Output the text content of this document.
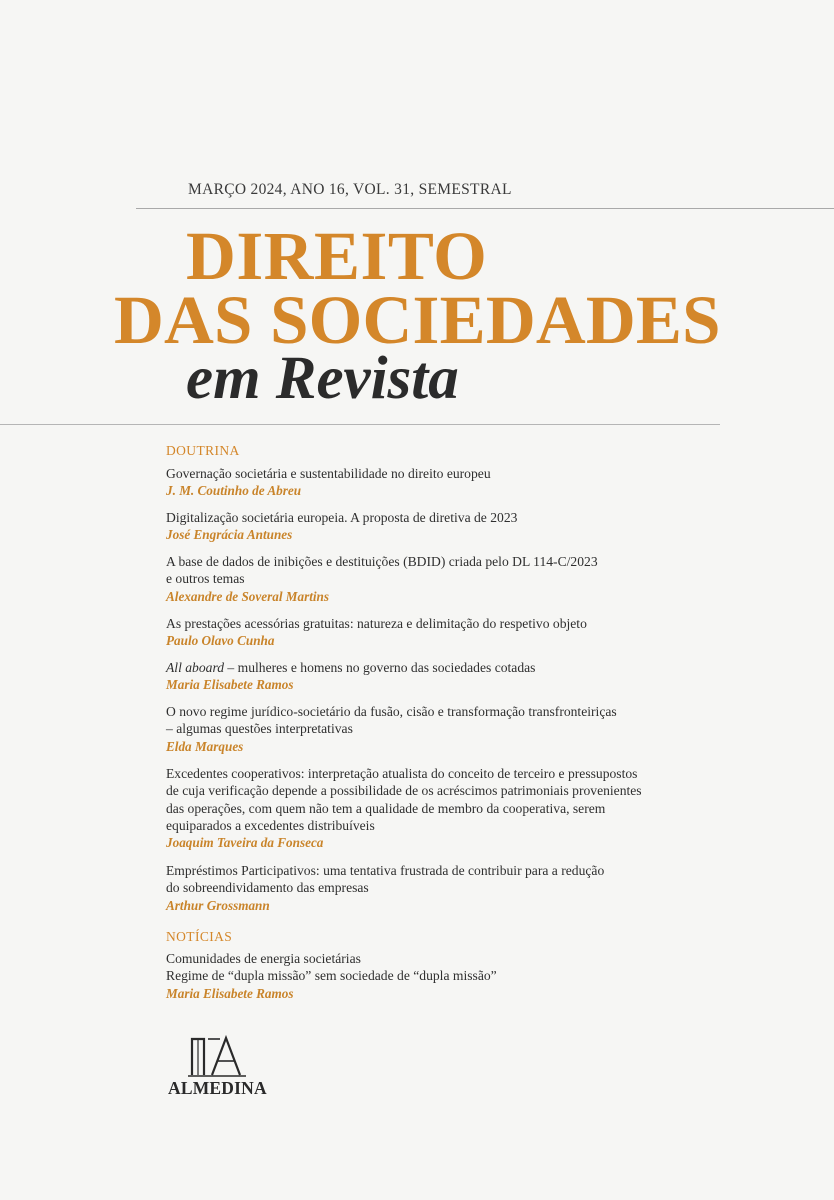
MARÇO 2024, ANO 16, VOL. 31, SEMESTRAL
DIREITO
DAS SOCIEDADES
em Revista
DOUTRINA
Governação societária e sustentabilidade no direito europeu
J. M. Coutinho de Abreu
Digitalização societária europeia. A proposta de diretiva de 2023
José Engrácia Antunes
A base de dados de inibições e destituições (BDID) criada pelo DL 114-C/2023
e outros temas
Alexandre de Soveral Martins
As prestações acessórias gratuitas: natureza e delimitação do respetivo objeto
Paulo Olavo Cunha
All aboard – mulheres e homens no governo das sociedades cotadas
Maria Elisabete Ramos
O novo regime jurídico-societário da fusão, cisão e transformação transfronteiriças
– algumas questões interpretativas
Elda Marques
Excedentes cooperativos: interpretação atualista do conceito de terceiro e pressupostos
de cuja verificação depende a possibilidade de os acréscimos patrimoniais provenientes
das operações, com quem não tem a qualidade de membro da cooperativa, serem
equiparados a excedentes distribuíveis
Joaquim Taveira da Fonseca
Empréstimos Participativos: uma tentativa frustrada de contribuir para a redução
do sobreendividamento das empresas
Arthur Grossmann
NOTÍCIAS
Comunidades de energia societárias
Regime de “dupla missão” sem sociedade de “dupla missão”
Maria Elisabete Ramos
ALMEDINA
